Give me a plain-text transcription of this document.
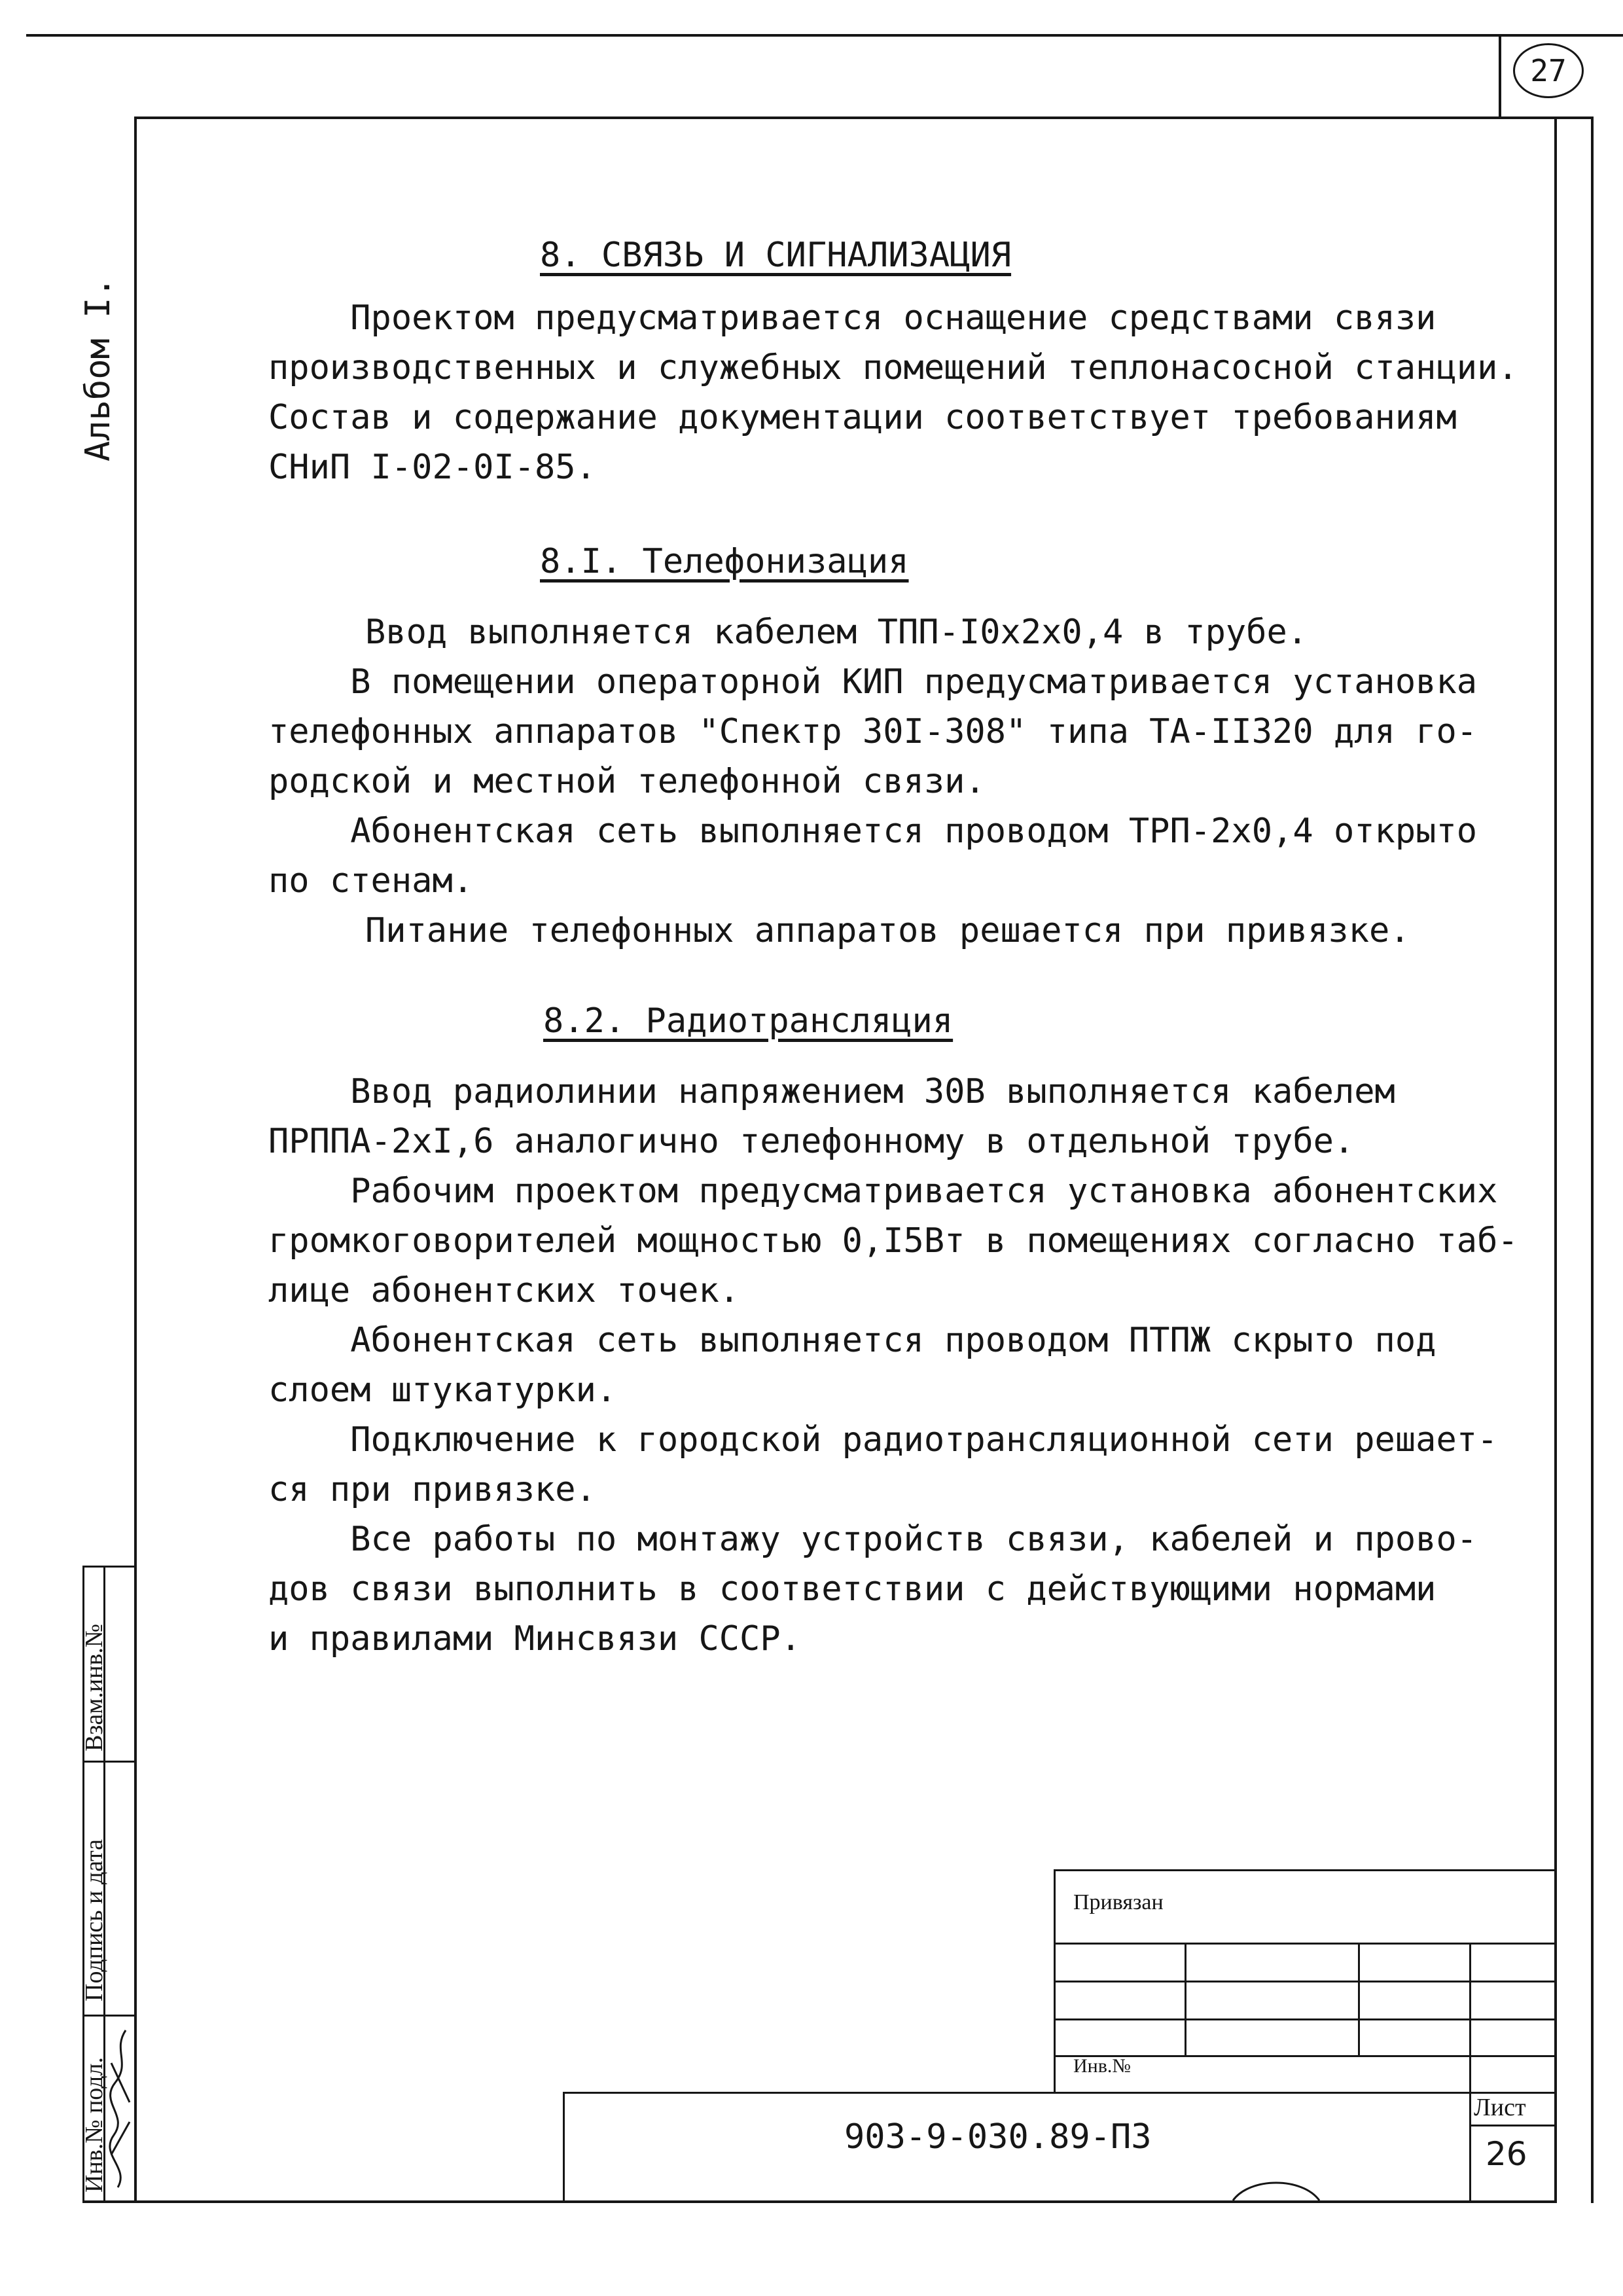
27
Альбом I.
8. СВЯЗЬ И СИГНАЛИЗАЦИЯ
Проектом предусматривается оснащение средствами связи
производственных и служебных помещений теплонасосной станции.
Состав и содержание документации соответствует требованиям
СНиП I-02-0I-85.
8.I. Телефонизация
Ввод выполняется кабелем ТПП-I0х2х0,4 в трубе.
В помещении операторной КИП предусматривается установка
телефонных аппаратов "Спектр 30I-308" типа ТА-II320 для го-
родской и местной телефонной связи.
Абонентская сеть выполняется проводом ТРП-2х0,4 открыто
по стенам.
Питание телефонных аппаратов решается при привязке.
8.2. Радиотрансляция
Ввод радиолинии напряжением 30В выполняется кабелем
ПРППА-2хI,6 аналогично телефонному в отдельной трубе.
Рабочим проектом предусматривается установка абонентских
громкоговорителей мощностью 0,I5Вт в помещениях согласно таб-
лице абонентских точек.
Абонентская сеть выполняется проводом ПТПЖ скрыто под
слоем штукатурки.
Подключение к городской радиотрансляционной сети решает-
ся при привязке.
Все работы по монтажу устройств связи, кабелей и прово-
дов связи выполнить в соответствии с действующими нормами
и правилами Минсвязи СССР.
Взам.инв.№
Подпись и дата
Инв.№ подл.
Привязан
Инв.№
903-9-030.89-ПЗ
Лист
26
